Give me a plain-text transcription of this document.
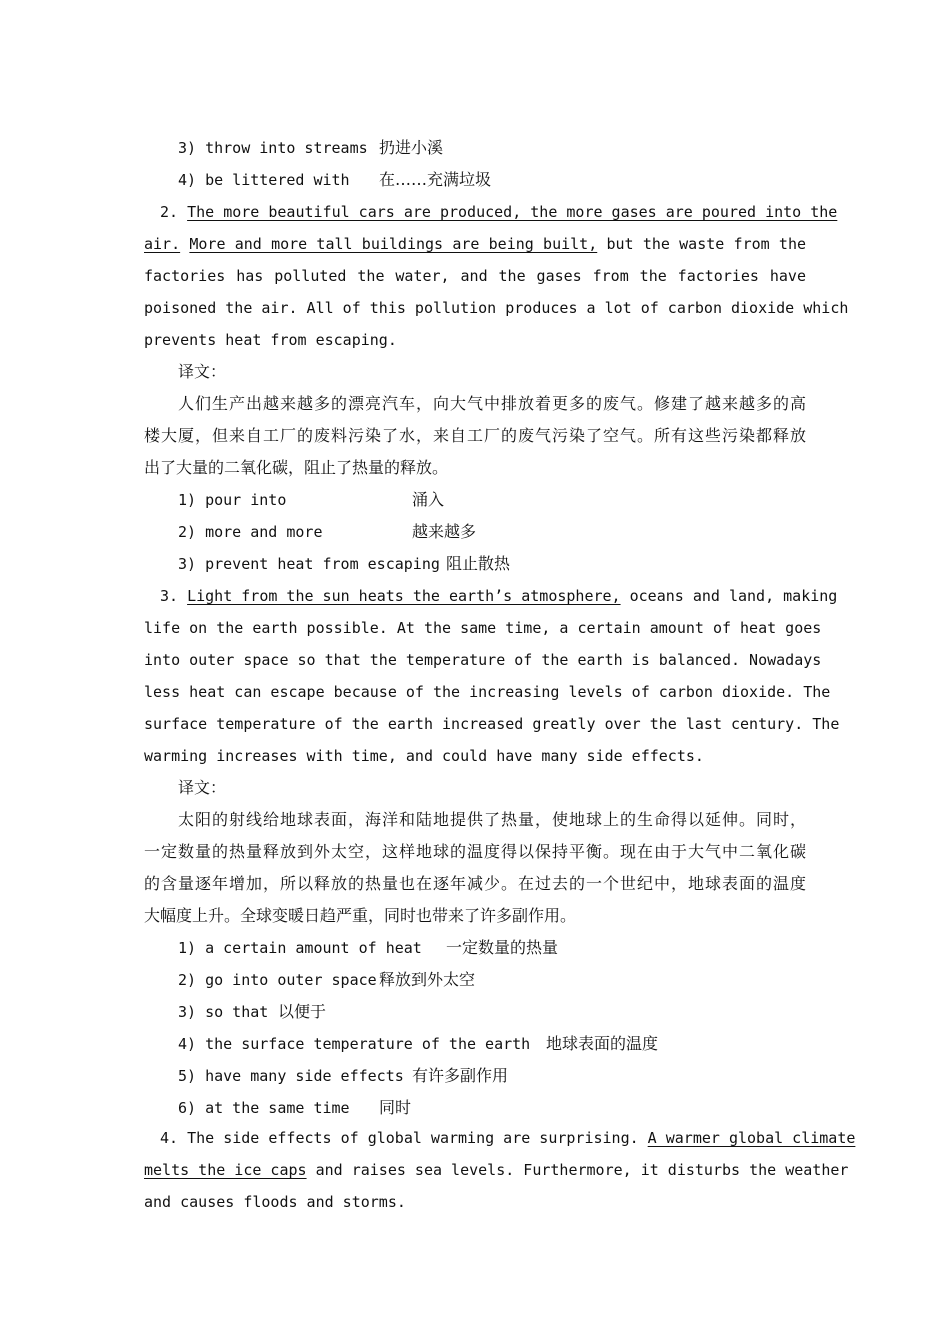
3) throw into streams 扔进小溪
4) be littered with 在……充满垃圾
2. The more beautiful cars are produced, the more gases are poured into the
air. More and more tall buildings are being built, but the waste from the
factories has polluted the water, and the gases from the factories have
poisoned the air. All of this pollution produces a lot of carbon dioxide which
prevents heat from escaping.
译文：
人们生产出越来越多的漂亮汽车，向大气中排放着更多的废气。修建了越来越多的高
楼大厦，但来自工厂的废料污染了水，来自工厂的废气污染了空气。所有这些污染都释放
出了大量的二氧化碳，阻止了热量的释放。
1) pour into	涌入
2) more and more	越来越多
3) prevent heat from escaping 阻止散热
3. Light from the sun heats the earth’s atmosphere, oceans and land, making
life on the earth possible. At the same time, a certain amount of heat goes
into outer space so that the temperature of the earth is balanced. Nowadays
less heat can escape because of the increasing levels of carbon dioxide. The
surface temperature of the earth increased greatly over the last century. The
warming increases with time, and could have many side effects.
译文：
太阳的射线给地球表面，海洋和陆地提供了热量，使地球上的生命得以延伸。同时，
一定数量的热量释放到外太空，这样地球的温度得以保持平衡。现在由于大气中二氧化碳
的含量逐年增加，所以释放的热量也在逐年减少。在过去的一个世纪中，地球表面的温度
大幅度上升。全球变暖日趋严重，同时也带来了许多副作用。
1) a certain amount of heat 一定数量的热量
2) go into outer space 释放到外太空
3) so that 以便于
4) the surface temperature of the earth 地球表面的温度
5) have many side effects 有许多副作用
6) at the same time 同时
4. The side effects of global warming are surprising. A warmer global climate
melts the ice caps and raises sea levels. Furthermore, it disturbs the weather
and causes floods and storms.
